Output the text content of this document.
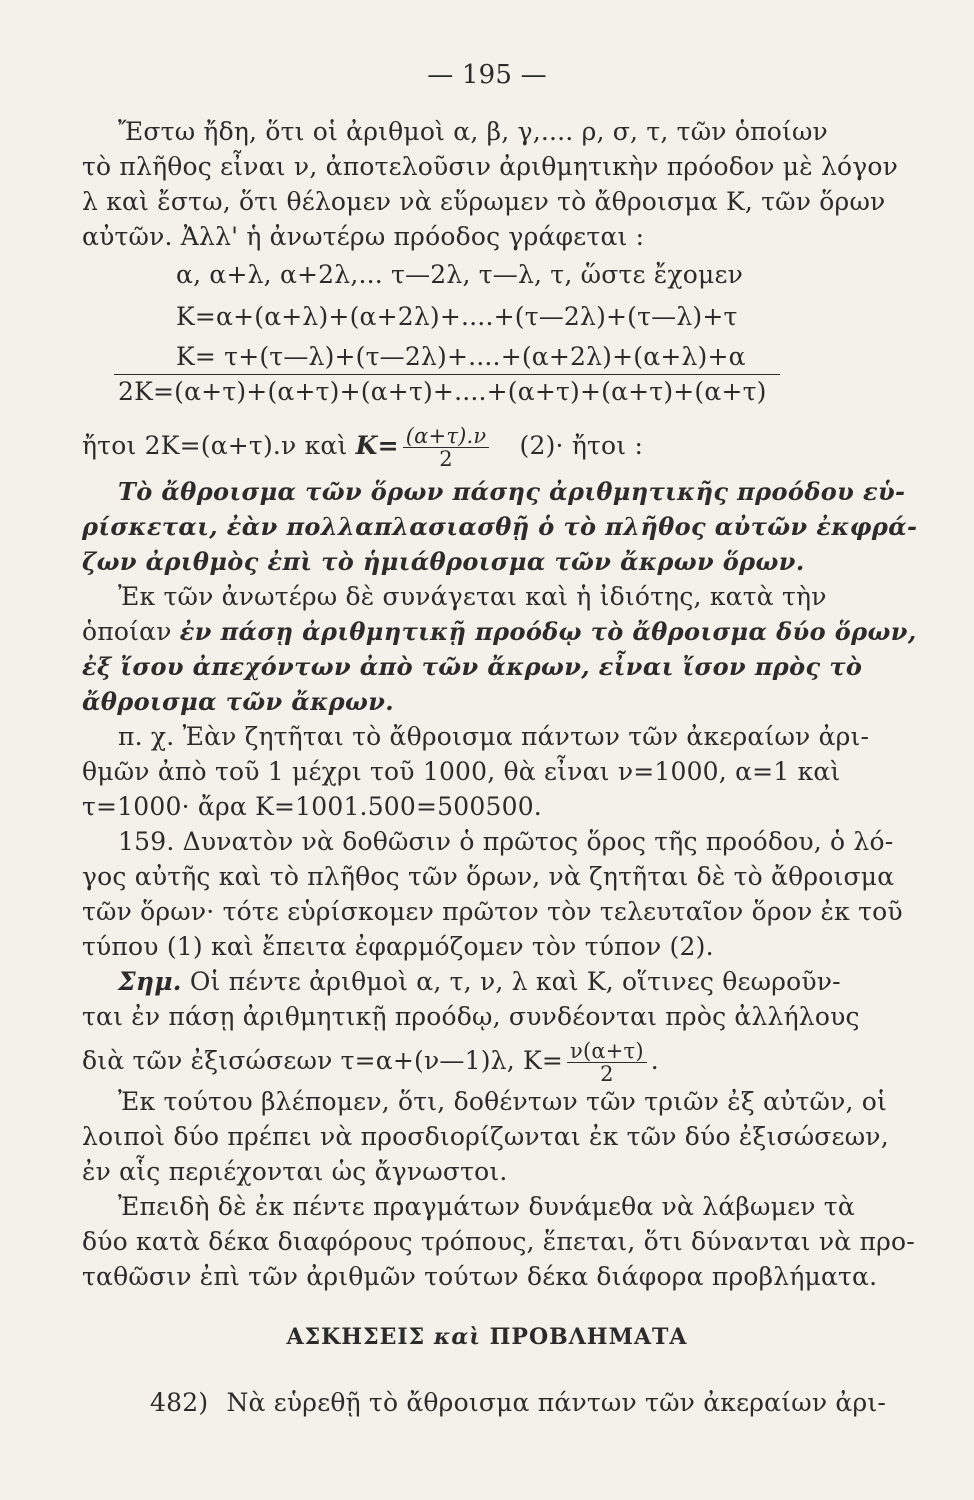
— 195 —
Ἔστω ἤδη, ὅτι οἱ ἀριθμοὶ α, β, γ,.... ρ, σ, τ, τῶν ὁποίων
τὸ πλῆθος εἶναι ν, ἀποτελοῦσιν ἀριθμητικὴν πρόοδον μὲ λόγον
λ καὶ ἔστω, ὅτι θέλομεν νὰ εὕρωμεν τὸ ἄθροισμα Κ, τῶν ὅρων
αὐτῶν. Ἀλλ' ἡ ἀνωτέρω πρόοδος γράφεται :
α, α+λ, α+2λ,... τ—2λ, τ—λ, τ, ὥστε ἔχομεν
Κ=α+(α+λ)+(α+2λ)+....+(τ—2λ)+(τ—λ)+τ
Κ= τ+(τ—λ)+(τ—2λ)+....+(α+2λ)+(α+λ)+α
2Κ=(α+τ)+(α+τ)+(α+τ)+....+(α+τ)+(α+τ)+(α+τ)
ἤτοι 2Κ=(α+τ).ν καὶ $K= \frac{(\alpha+\tau).\nu}{2} (2)\cdot$ ἤτοι :
Τὸ ἄθροισμα τῶν ὅρων πάσης ἀριθμητικῆς προόδου εὑ-
ρίσκεται, ἐὰν πολλαπλασιασθῇ ὁ τὸ πλῆθος αὐτῶν ἐκφρά-
ζων ἀριθμὸς ἐπὶ τὸ ἡμιάθροισμα τῶν ἄκρων ὅρων.
Ἐκ τῶν ἀνωτέρω δὲ συνάγεται καὶ ἡ ἰδιότης, κατὰ τὴν
ὁποίαν ἐν πάσῃ ἀριθμητικῇ προόδῳ τὸ ἄθροισμα δύο ὅρων,
ἐξ ἴσου ἀπεχόντων ἀπὸ τῶν ἄκρων, εἶναι ἴσον πρὸς τὸ
ἄθροισμα τῶν ἄκρων.
π. χ. Ἐὰν ζητῆται τὸ ἄθροισμα πάντων τῶν ἀκεραίων ἀρι-
θμῶν ἀπὸ τοῦ 1 μέχρι τοῦ 1000, θὰ εἶναι ν=1000, α=1 καὶ
τ=1000· ἄρα Κ=1001.500=500500.
159. Δυνατὸν νὰ δοθῶσιν ὁ πρῶτος ὅρος τῆς προόδου, ὁ λό-
γος αὐτῆς καὶ τὸ πλῆθος τῶν ὅρων, νὰ ζητῆται δὲ τὸ ἄθροισμα
τῶν ὅρων· τότε εὑρίσκομεν πρῶτον τὸν τελευταῖον ὅρον ἐκ τοῦ
τύπου (1) καὶ ἔπειτα ἐφαρμόζομεν τὸν τύπον (2).
Σημ. Οἱ πέντε ἀριθμοὶ α, τ, ν, λ καὶ Κ, οἵτινες θεωροῦν-
ται ἐν πάσῃ ἀριθμητικῇ προόδῳ, συνδέονται πρὸς ἀλλήλους
διὰ τῶν ἐξισώσεων τ=α+(ν—1)λ, $K= \frac{\nu(\alpha+\tau)}{2}$ .
Ἐκ τούτου βλέπομεν, ὅτι, δοθέντων τῶν τριῶν ἐξ αὐτῶν, οἱ
λοιποὶ δύο πρέπει νὰ προσδιορίζωνται ἐκ τῶν δύο ἐξισώσεων,
ἐν αἷς περιέχονται ὡς ἄγνωστοι.
Ἐπειδὴ δὲ ἐκ πέντε πραγμάτων δυνάμεθα νὰ λάβωμεν τὰ
δύο κατὰ δέκα διαφόρους τρόπους, ἕπεται, ὅτι δύνανται νὰ προ-
ταθῶσιν ἐπὶ τῶν ἀριθμῶν τούτων δέκα διάφορα προβλήματα.
ΑΣΚΗΣΕΙΣ καὶ ΠΡΟΒΛΗΜΑΤΑ
482) Νὰ εὑρεθῇ τὸ ἄθροισμα πάντων τῶν ἀκεραίων ἀρι-
